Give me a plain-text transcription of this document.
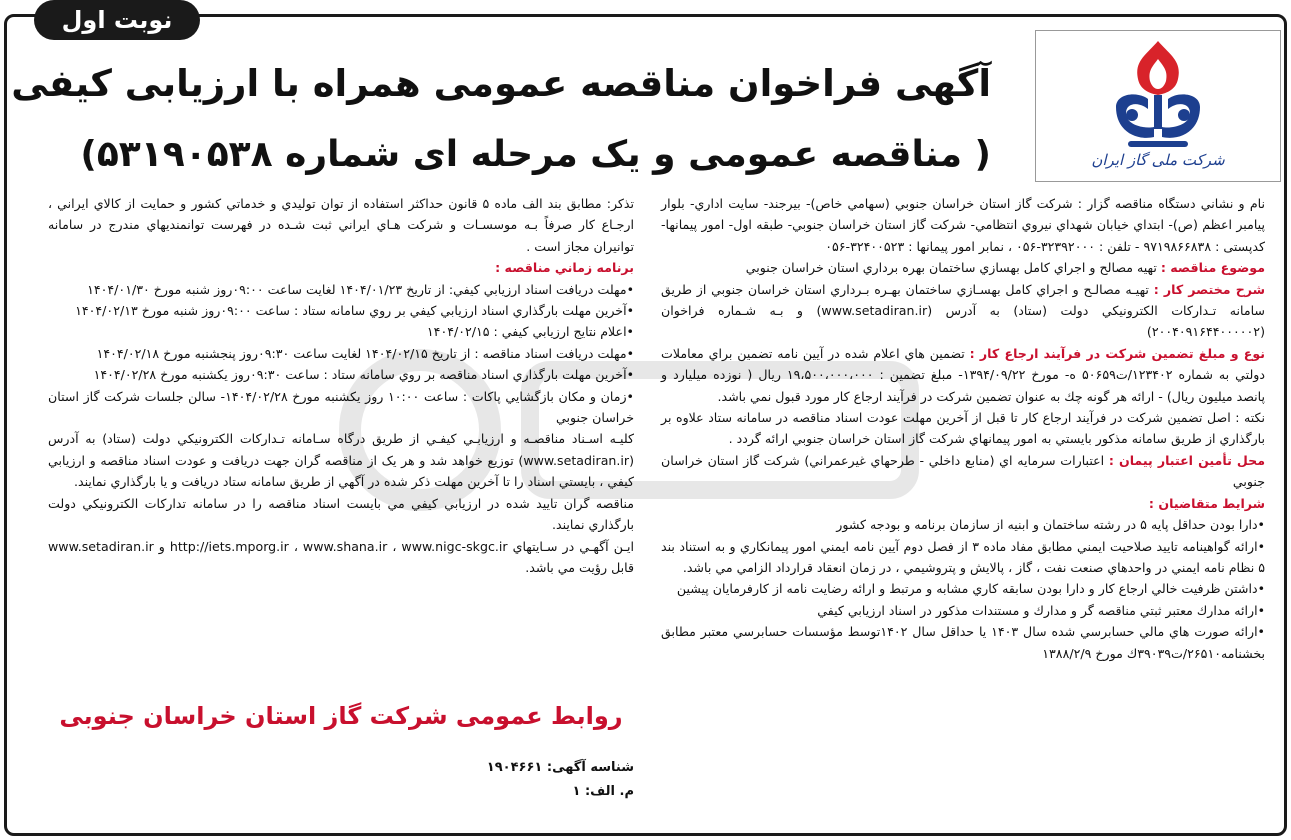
نوبت اول
شرکت ملی گاز ایران
آگهی فراخوان مناقصه عمومی همراه با ارزیابی کیفی
( مناقصه عمومی و یک مرحله ای شماره ۵۳۱۹۰۵۳۸)

نام و نشاني دستگاه مناقصه گزار : شرکت گاز استان خراسان جنوبي (سهامي خاص)- بيرجند- سايت اداري- بلوار پيامبر اعظم (ص)- ابتداي خيابان شهداي نيروي انتظامي- شرکت گاز استان خراسان جنوبي- طبقه اول- امور پيمانها- کدپستی : ۹۷۱۹۸۶۶۸۳۸ - تلفن : ۳۲۳۹۲۰۰۰-۰۵۶ ، نمابر امور پيمانها : ۳۲۴۰۰۵۲۳-۰۵۶

موضوع مناقصه : تهيه مصالح و اجراي کامل بهسازي ساختمان بهره برداري استان خراسان جنوبي

شرح مختصر کار : تهيـه مصالـح و اجراي کامل بهسـازي ساختمان بهـره بـرداري استان خراسان جنوبي از طريق سامانه تـدارکات الکترونيکي دولت (ستاد) به آدرس (www.setadiran.ir) و بـه شـماره فراخوان (۲۰۰۴۰۹۱۶۴۴۰۰۰۰۰۲)

نوع و مبلغ تضمين شرکت در فرآيند ارجاع کار : تضمين هاي اعلام شده در آيين نامه تضمين براي معاملات دولتي به شماره ۱۲۳۴۰۲/ت۵۰۶۵۹ ه- مورخ ۱۳۹۴/۰۹/۲۲- مبلغ تضمين : ۱۹،۵۰۰،۰۰۰،۰۰۰ ريال ( نوزده ميليارد و پانصد ميليون ريال) - ارائه هر گونه چك به عنوان تضمين شرکت در فرآيند ارجاع کار مورد قبول نمي باشد.

نکته : اصل تضمين شرکت در فرآيند ارجاع کار تا قبل از آخرين مهلت عودت اسناد مناقصه در سامانه ستاد علاوه بر بارگذاري از طريق سامانه مذکور بايستي به امور پيمانهاي شرکت گاز استان خراسان جنوبي ارائه گردد .

محل تأمين اعتبار پيمان : اعتبارات سرمايه اي (منابع داخلي - طرحهاي غيرعمراني) شرکت گاز استان خراسان جنوبي

شرايط متقاضيان :

•دارا بودن حداقل پايه ۵ در رشته ساختمان و ابنيه از سازمان برنامه و بودجه کشور

•ارائه گواهينامه تاييد صلاحيت ايمني مطابق مفاد ماده ۳ از فصل دوم آيين نامه ايمني امور پيمانکاري و به استناد بند ۵ نظام نامه ايمني در واحدهاي صنعت نفت ، گاز ، پالايش و پتروشيمي ، در زمان انعقاد قرارداد الزامي مي باشد.

•داشتن ظرفيت خالي ارجاع کار و دارا بودن سابقه کاري مشابه و مرتبط و ارائه رضايت نامه از کارفرمايان پيشين

•ارائه مدارك معتبر ثبتي مناقصه گر و مدارك و مستندات مذکور در اسناد ارزيابي کيفي

•ارائه صورت هاي مالي حسابرسي شده سال ۱۴۰۳ يا حداقل سال ۱۴۰۲توسط مؤسسات حسابرسي معتبر مطابق بخشنامه۲۶۵۱۰/ت۳۹۰۳۹ك مورخ ۱۳۸۸/۲/۹

تذکر: مطابق بند الف ماده ۵ قانون حداکثر استفاده از توان توليدي و خدماتي کشور و حمايت از کالاي ايراني ، ارجـاع کار صرفاً بـه موسسـات و شرکت هـاي ايراني ثبت شـده در فهرست توانمنديهاي مندرج در سامانه توانيران مجاز است .

برنامه زماني مناقصه :

•مهلت دريافت اسناد ارزيابي کيفي: از تاريخ ۱۴۰۴/۰۱/۲۳ لغايت ساعت ۰۹:۰۰روز شنبه مورخ ۱۴۰۴/۰۱/۳۰

•آخرين مهلت بارگذاري اسناد ارزيابي کيفي بر روي سامانه ستاد : ساعت ۰۹:۰۰روز شنبه مورخ ۱۴۰۴/۰۲/۱۳

•اعلام نتايج ارزيابي کيفي : ۱۴۰۴/۰۲/۱۵

•مهلت دريافت اسناد مناقصه : از تاريخ ۱۴۰۴/۰۲/۱۵ لغايت ساعت ۰۹:۳۰روز پنجشنبه مورخ ۱۴۰۴/۰۲/۱۸

•آخرين مهلت بارگذاري اسناد مناقصه بر روي سامانه ستاد : ساعت ۰۹:۳۰روز يکشنبه مورخ ۱۴۰۴/۰۲/۲۸

•زمان و مکان بازگشايي پاکات : ساعت ۱۰:۰۰ روز يکشنبه مورخ ۱۴۰۴/۰۲/۲۸- سالن جلسات شرکت گاز استان خراسان جنوبي

كليـه اسـناد مناقصـه و ارزيابـي كيفـي از طريق درگاه سـامانه تـداركات الكترونيكي دولت (ستاد) به آدرس (www.setadiran.ir) توزيع خواهد شد و هر يک از مناقصه گران جهت دريافت و عودت اسناد مناقصه و ارزيابي كيفي ، بايستي اسناد را تا آخرين مهلت ذکر شده در آگهي از طريق سامانه ستاد دريافت و يا بارگذاري نمايند.

مناقصه گران تاييد شده در ارزيابي کيفي مي بايست اسناد مناقصه را در سامانه تدارکات الکترونيکي دولت بارگذاري نمايند.

ايـن آگهـي در سـايتهاي http://iets.mporg.ir ، www.shana.ir ، www.nigc-skgc.ir و www.setadiran.ir قابل رؤيت مي باشد.

روابط عمومی شرکت گاز استان خراسان جنوبی
شناسه آگهی: ۱۹۰۴۶۶۱
م. الف: ۱
